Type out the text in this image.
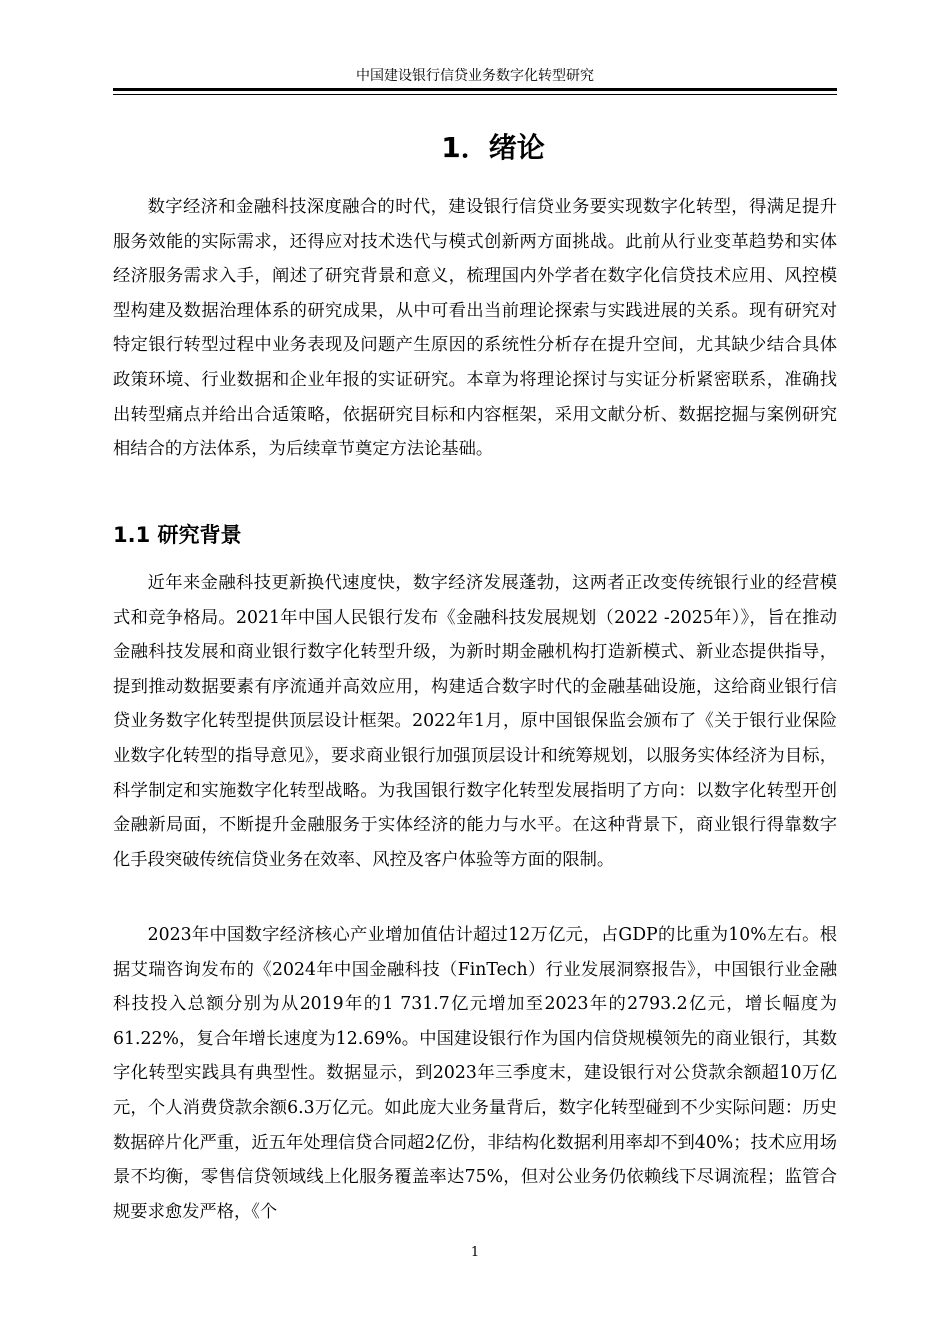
中国建设银行信贷业务数字化转型研究
1．绪论

数字经济和金融科技深度融合的时代，建设银行信贷业务要实现数字化转型，得满足提升服务效能的实际需求，还得应对技术迭代与模式创新两方面挑战。此前从行业变革趋势和实体经济服务需求入手，阐述了研究背景和意义，梳理国内外学者在数字化信贷技术应用、风控模型构建及数据治理体系的研究成果，从中可看出当前理论探索与实践进展的关系。现有研究对特定银行转型过程中业务表现及问题产生原因的系统性分析存在提升空间，尤其缺少结合具体政策环境、行业数据和企业年报的实证研究。本章为将理论探讨与实证分析紧密联系，准确找出转型痛点并给出合适策略，依据研究目标和内容框架，采用文献分析、数据挖掘与案例研究相结合的方法体系，为后续章节奠定方法论基础。

1.1 研究背景

近年来金融科技更新换代速度快，数字经济发展蓬勃，这两者正改变传统银行业的经营模式和竞争格局。2021年中国人民银行发布《金融科技发展规划（2022 -2025年）》，旨在推动金融科技发展和商业银行数字化转型升级，为新时期金融机构打造新模式、新业态提供指导，提到推动数据要素有序流通并高效应用，构建适合数字时代的金融基础设施，这给商业银行信贷业务数字化转型提供顶层设计框架。2022年1月，原中国银保监会颁布了《关于银行业保险业数字化转型的指导意见》，要求商业银行加强顶层设计和统筹规划，以服务实体经济为目标，科学制定和实施数字化转型战略。为我国银行数字化转型发展指明了方向：以数字化转型开创金融新局面，不断提升金融服务于实体经济的能力与水平。在这种背景下，商业银行得靠数字化手段突破传统信贷业务在效率、风控及客户体验等方面的限制。

2023年中国数字经济核心产业增加值估计超过12万亿元，占GDP的比重为10%左右。根据艾瑞咨询发布的《2024年中国金融科技（FinTech）行业发展洞察报告》，中国银行业金融科技投入总额分别为从2019年的1 731.7亿元增加至2023年的2793.2亿元，增长幅度为61.22%，复合年增长速度为12.69%。中国建设银行作为国内信贷规模领先的商业银行，其数字化转型实践具有典型性。数据显示，到2023年三季度末，建设银行对公贷款余额超10万亿元，个人消费贷款余额6.3万亿元。如此庞大业务量背后，数字化转型碰到不少实际问题：历史数据碎片化严重，近五年处理信贷合同超2亿份，非结构化数据利用率却不到40%；技术应用场景不均衡，零售信贷领域线上化服务覆盖率达75%，但对公业务仍依赖线下尽调流程；监管合规要求愈发严格，《个

1
